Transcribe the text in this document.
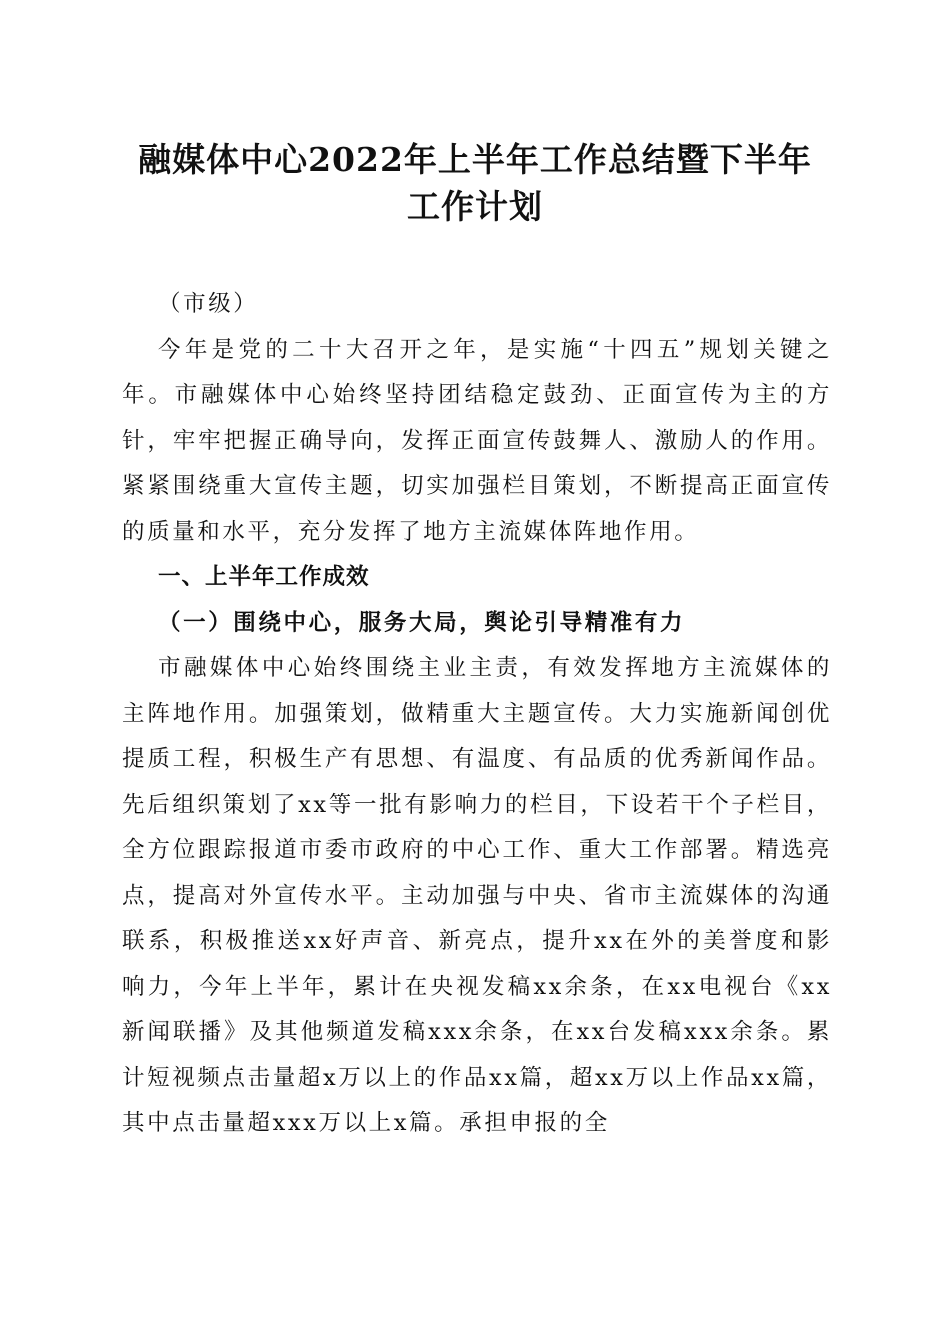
融媒体中心2022年上半年工作总结暨下半年
工作计划

（市级）

今年是党的二十大召开之年，是实施“十四五”规划关键之年。市融媒体中心始终坚持团结稳定鼓劲、正面宣传为主的方针，牢牢把握正确导向，发挥正面宣传鼓舞人、激励人的作用。紧紧围绕重大宣传主题，切实加强栏目策划，不断提高正面宣传的质量和水平，充分发挥了地方主流媒体阵地作用。

一、上半年工作成效

（一）围绕中心，服务大局，舆论引导精准有力

市融媒体中心始终围绕主业主责，有效发挥地方主流媒体的主阵地作用。加强策划，做精重大主题宣传。大力实施新闻创优提质工程，积极生产有思想、有温度、有品质的优秀新闻作品。先后组织策划了xx等一批有影响力的栏目，下设若干个子栏目，全方位跟踪报道市委市政府的中心工作、重大工作部署。精选亮点，提高对外宣传水平。主动加强与中央、省市主流媒体的沟通联系，积极推送xx好声音、新亮点，提升xx在外的美誉度和影响力，今年上半年，累计在央视发稿xx余条，在xx电视台《xx新闻联播》及其他频道发稿xxx余条，在xx台发稿xxx余条。累计短视频点击量超x万以上的作品xx篇，超xx万以上作品xx篇，其中点击量超xxx万以上x篇。承担申报的全
